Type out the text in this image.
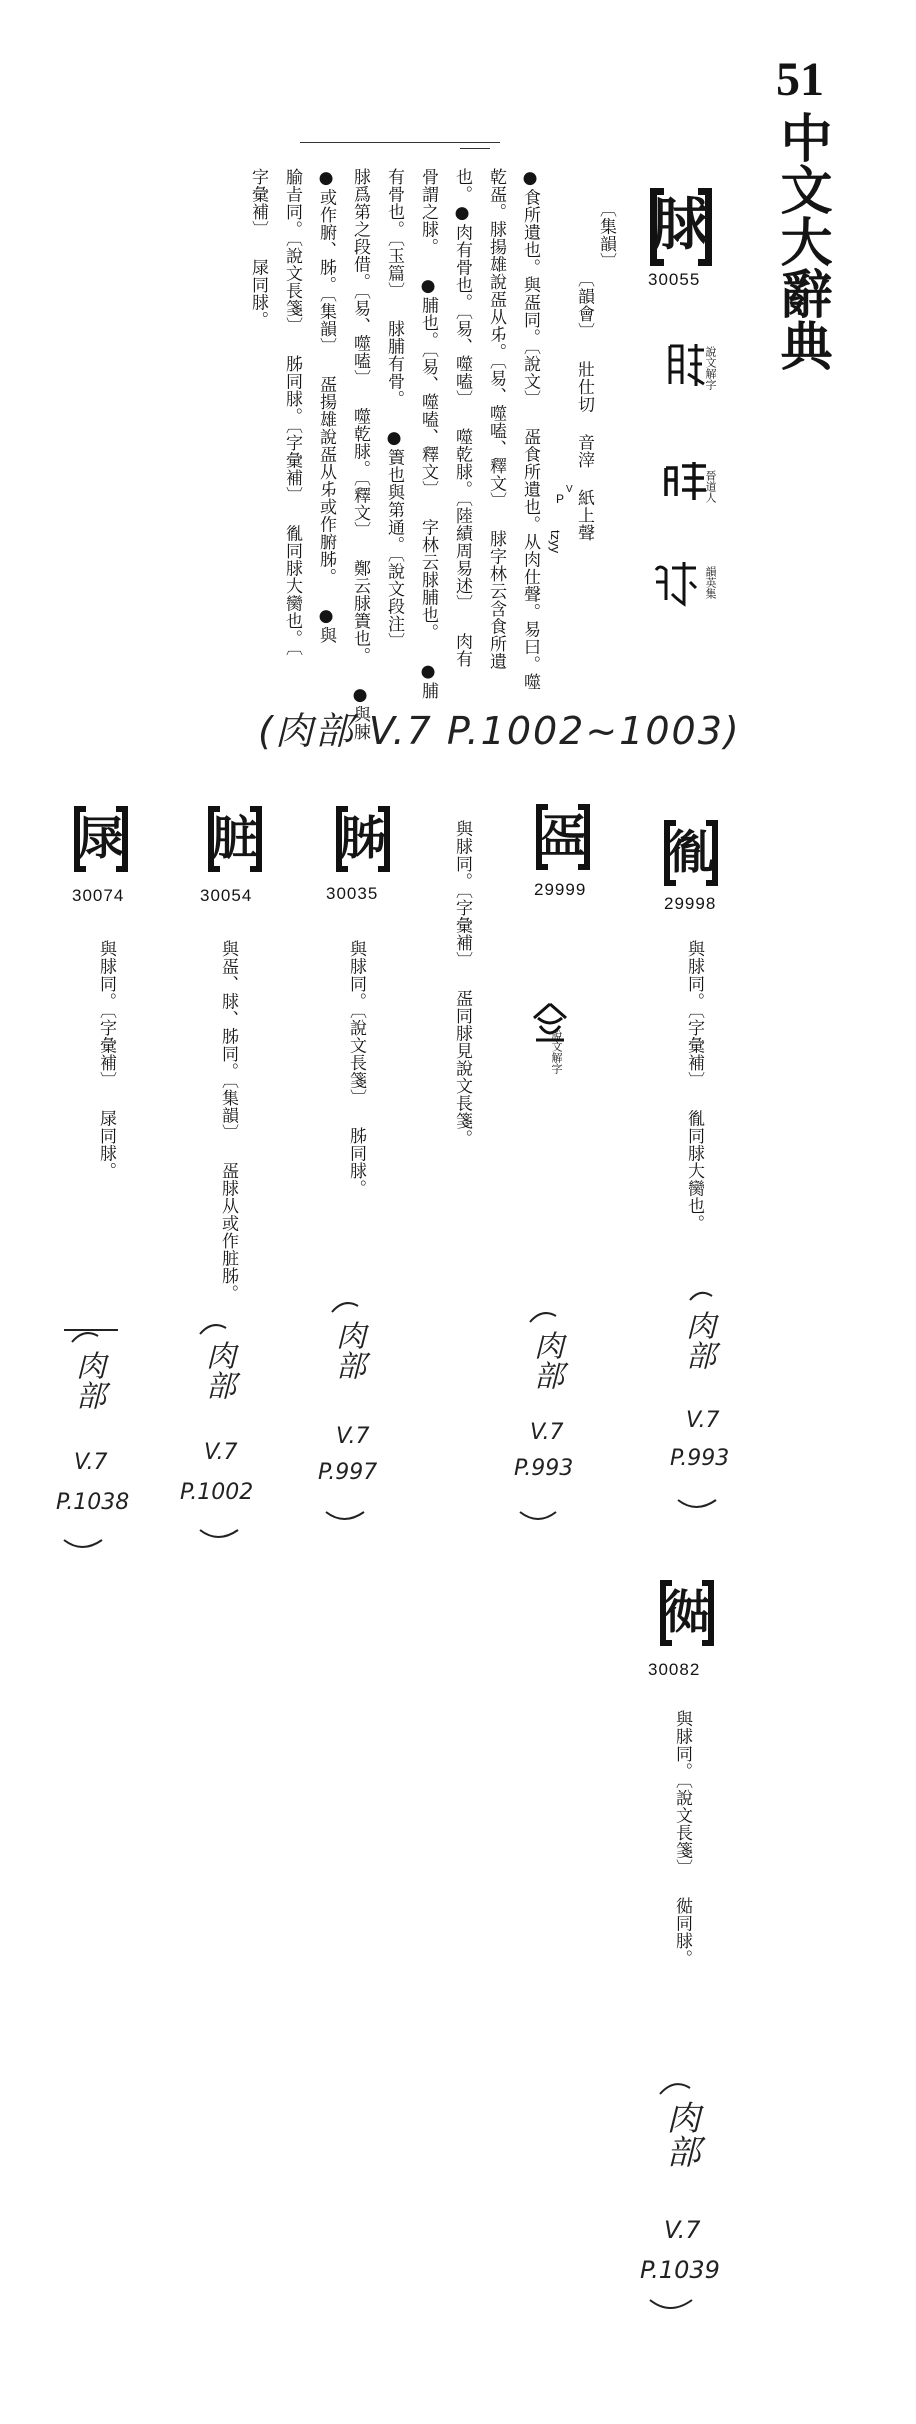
51
中文大辭典
脙
30055
說文解字
晉道人
韻英集
〔集韻〕
〔韻會〕 壯仕切 音滓 紙上聲
P
V
tzyy
●食所遺也。與㿿同。〔說文〕 㿿食所遺也。从肉仕聲。易曰。噬
乾㿿。脙揚雄說㿿从𠂔。〔易、噬嗑、釋文〕 脙字林云含食所遺
也。●肉有骨也。〔易、噬嗑〕 噬乾脙。〔陸績周易述〕 肉有
骨謂之脙。 ●脯也。〔易、噬嗑、釋文〕 字林云脙脯也。 ●脯
有骨也。〔玉篇〕 脙脯有骨。 ●簀也與第通。〔說文段注〕
脙爲第之段借。〔易、噬嗑〕 噬乾脙。〔釋文〕 鄭云脙簀也。 ●與脨
●或作腑、胏。〔集韻〕 㿿揚雄說㿿从𠂔或作腑胏。 ●與
腧㫖同。〔說文長箋〕 胏同脙。〔字彙補〕 㣧同脙大臠也。〔
字彙補〕 㞗同脙。
(肉部 V.7 P.1002~1003)
㣧
29998
與脙同。〔字彙補〕 㣧同脙大臠也。
㿿
29999
與脙同。〔字彙補〕 㿿同脙見說文長箋。	說文解字
胏
30035
與脙同。〔說文長箋〕 胏同脙。
脏
30054
與㿿、脙、胏同。〔集韻〕 㿿脙从或作脏胏。
㞗
30074
與脙同。〔字彙補〕 㞗同脙。
肉部
V.7
P.993
肉部
V.7
P.993
肉部
V.7
P.997
肉部
V.7
P.1002
肉部
V.7
P.1038
㣨
30082
與脙同。〔說文長箋〕 㣨同脙。
肉部
V.7
P.1039
